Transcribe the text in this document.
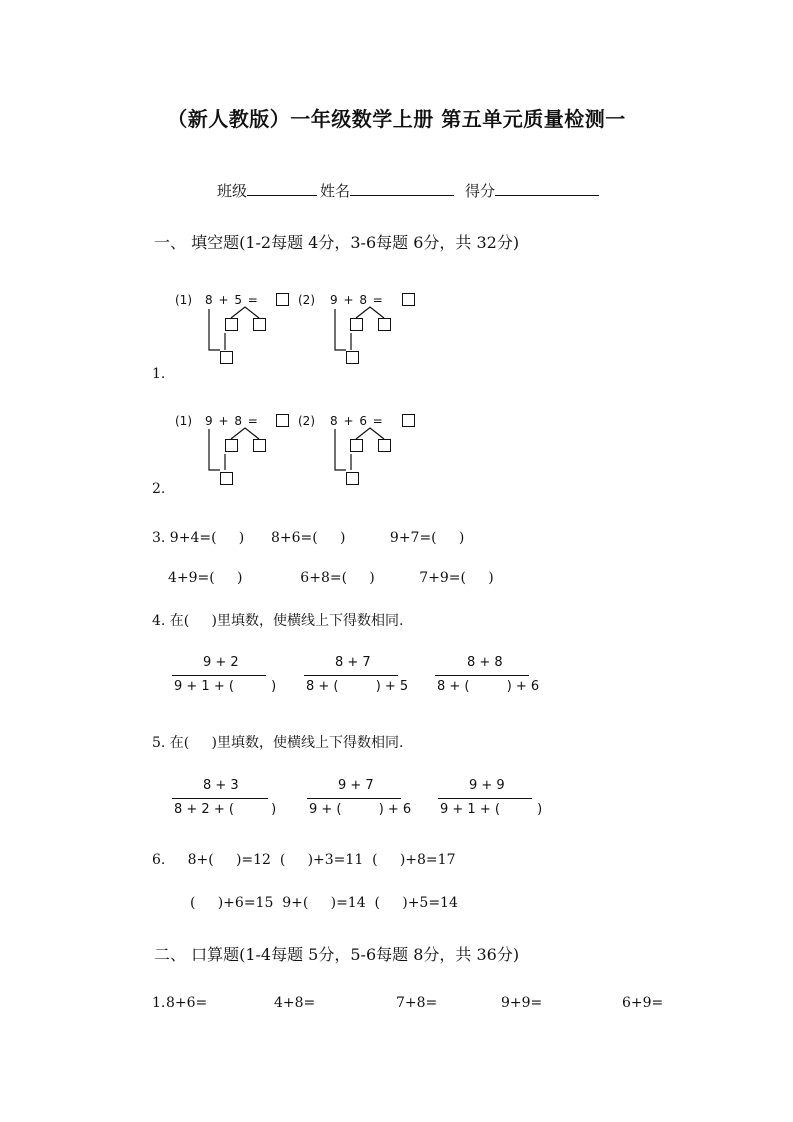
（新人教版）一年级数学上册 第五单元质量检测一
班级	姓名	得分
一、 填空题(1-2每题 4分，3-6每题 6分，共 32分)
(1) 8 + 5 =	(2) 9 + 8 =
1.
(1) 9 + 8 =	(2) 8 + 6 =
2.
3. 9+4=(     )      8+6=(     )          9+7=(     )
4+9=(     )             6+8=(     )          7+9=(     )
4. 在(     )里填数，使横线上下得数相同.
9 + 2
9 + 1 + (         )
8 + 7
8 + (         ) + 5
8 + 8
8 + (         ) + 6
5. 在(     )里填数，使横线上下得数相同.
8 + 3
8 + 2 + (         )
9 + 7
9 + (         ) + 6
9 + 9
9 + 1 + (         )
6.     8+(     )=12  (     )+3=11  (     )+8=17
(     )+6=15  9+(     )=14  (     )+5=14
二、 口算题(1-4每题 5分，5-6每题 8分，共 36分)
1. 8+6=	4+8=	7+8=	9+9=	6+9=
